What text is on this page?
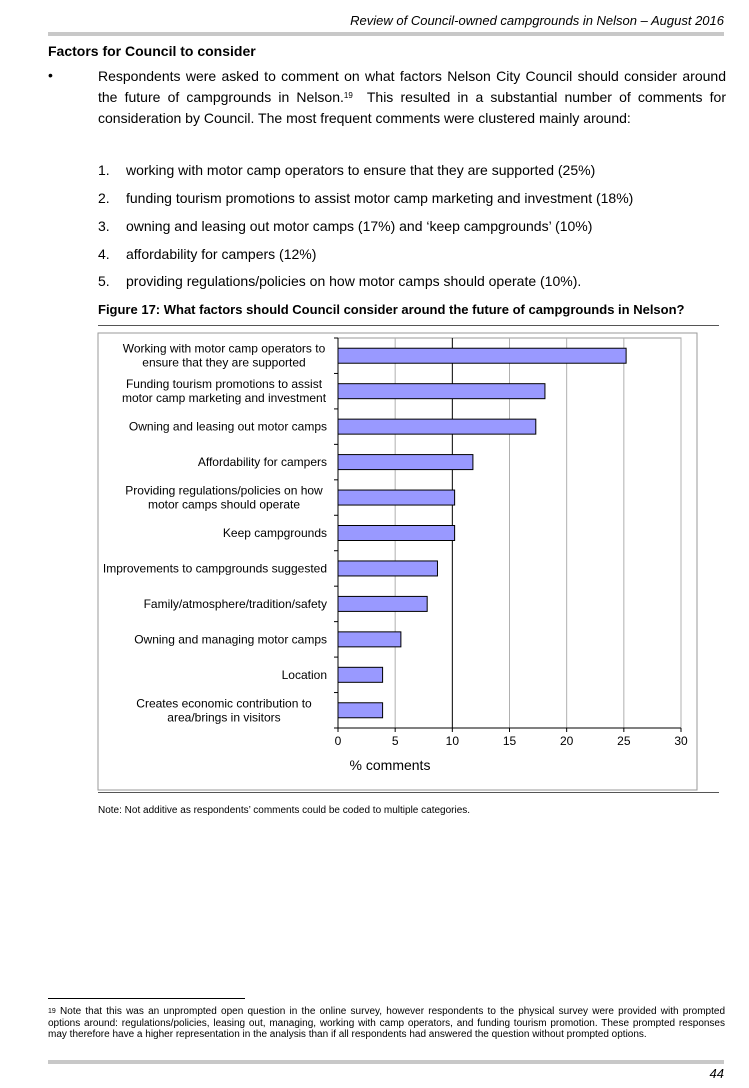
Review of Council-owned campgrounds in Nelson – August 2016
Factors for Council to consider
•	Respondents were asked to comment on what factors Nelson City Council should consider around the future of campgrounds in Nelson.$^{19}$ This resulted in a substantial number of comments for consideration by Council. The most frequent comments were clustered mainly around:
1. working with motor camp operators to ensure that they are supported (25%)
2. funding tourism promotions to assist motor camp marketing and investment (18%)
3. owning and leasing out motor camps (17%) and ‘keep campgrounds’ (10%)
4. affordability for campers (12%)
5. providing regulations/policies on how motor camps should operate (10%).
Figure 17: What factors should Council consider around the future of campgrounds in Nelson?
Working with motor camp operators to
ensure that they are supported
Funding tourism promotions to assist
motor camp marketing and investment
Owning and leasing out motor camps
Affordability for campers
Providing regulations/policies on how
motor camps should operate
Keep campgrounds
Improvements to campgrounds suggested
Family/atmosphere/tradition/safety
Owning and managing motor camps
Location
Creates economic contribution to
area/brings in visitors
0	5	10	15	20	25	30
% comments
Note: Not additive as respondents’ comments could be coded to multiple categories.
$^{19}$ Note that this was an unprompted open question in the online survey, however respondents to the physical survey were provided with prompted options around: regulations/policies, leasing out, managing, working with camp operators, and funding tourism promotion. These prompted responses may therefore have a higher representation in the analysis than if all respondents had answered the question without prompted options.
44
